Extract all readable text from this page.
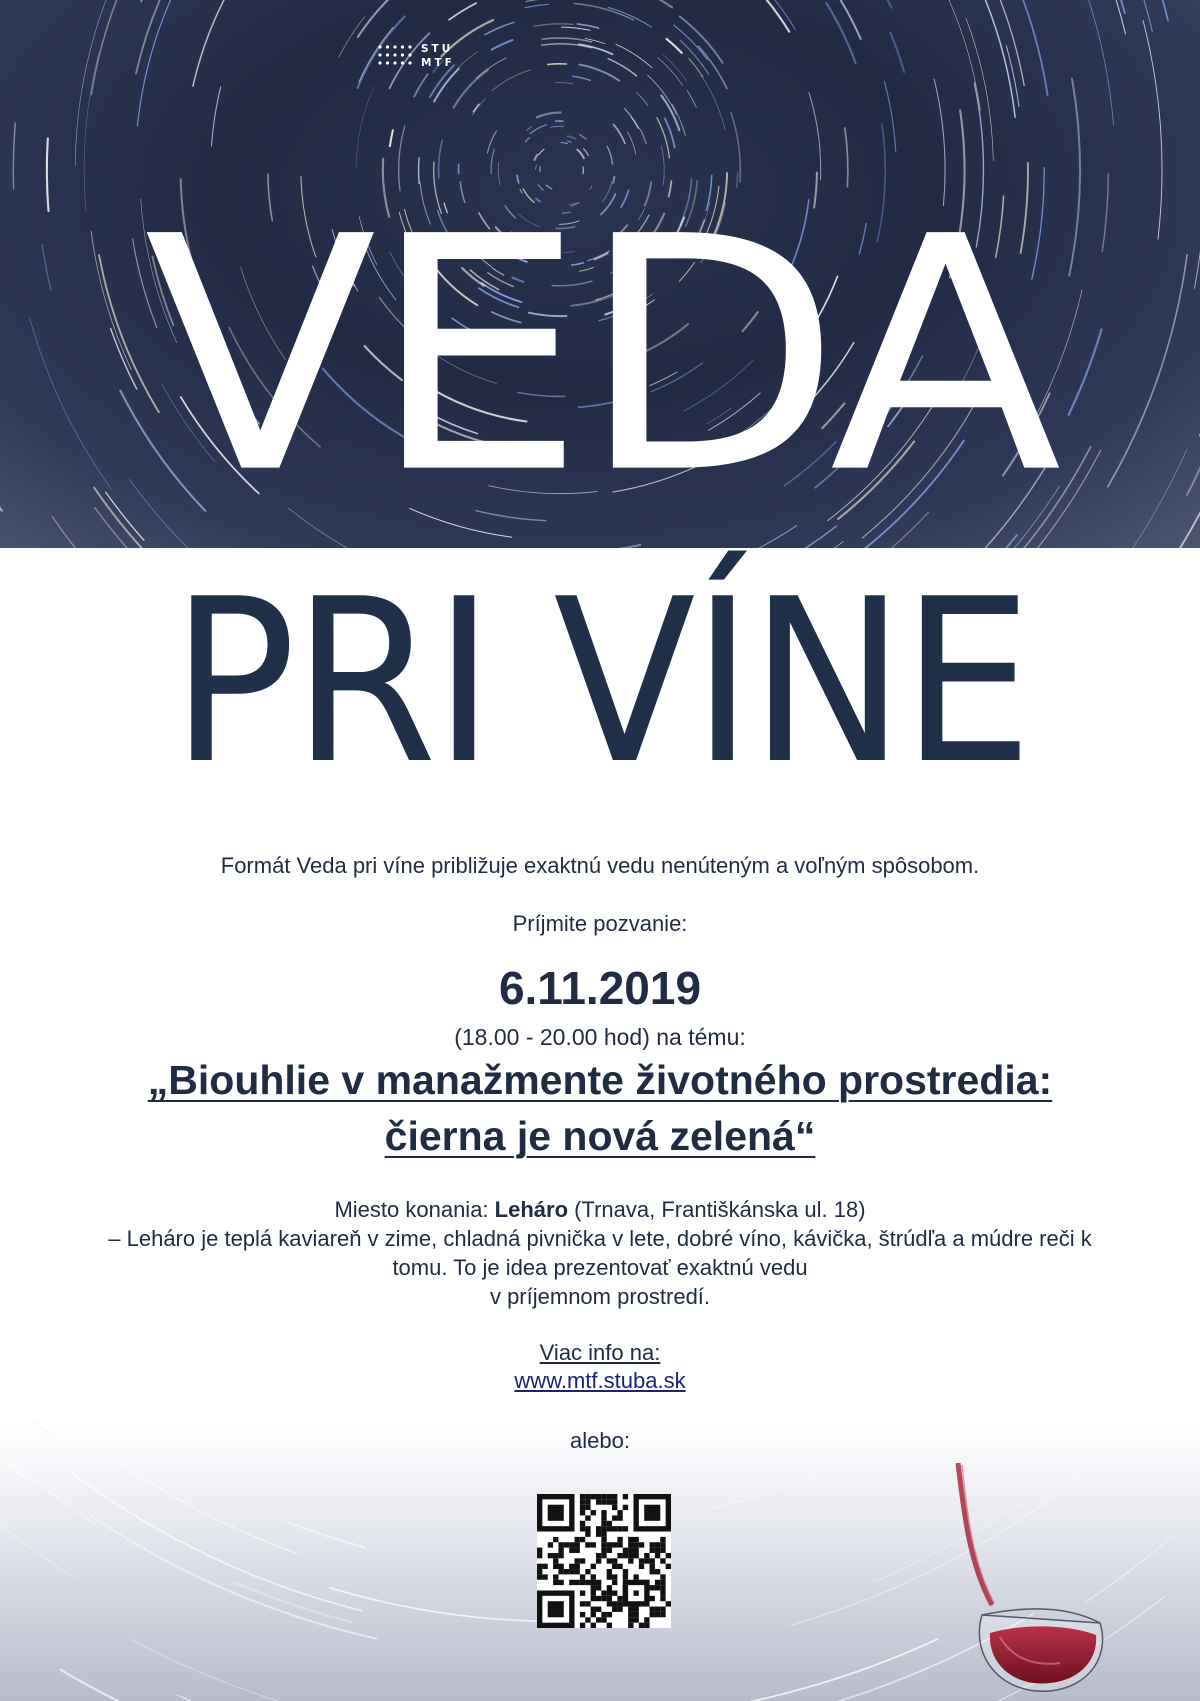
STU
MTF
VEDA
PRI VÍNE
Formát Veda pri víne približuje exaktnú vedu nenúteným a voľným spôsobom.
Príjmite pozvanie:
6.11.2019
(18.00 - 20.00 hod) na tému:
„Biouhlie v manažmente životného prostredia:
čierna je nová zelená“
Miesto konania: Leháro (Trnava, Františkánska ul. 18)
– Leháro je teplá kaviareň v zime, chladná pivnička v lete, dobré víno, kávička, štrúdľa a múdre reči k
tomu. To je idea prezentovať exaktnú vedu
v príjemnom prostredí.
Viac info na:
www.mtf.stuba.sk
alebo:
